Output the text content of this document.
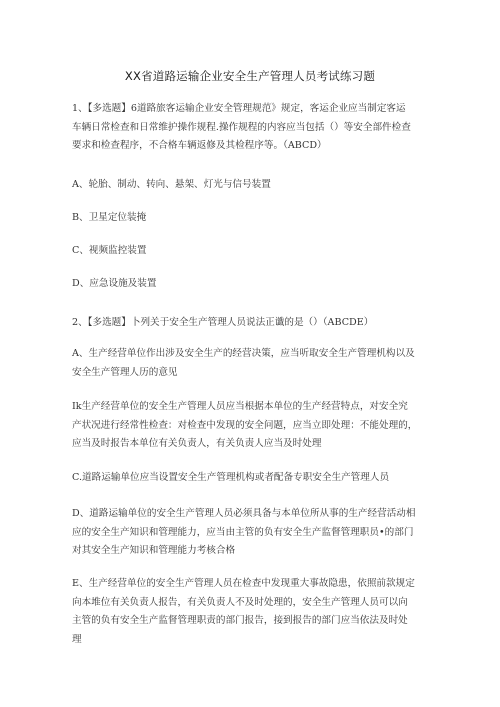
XX省道路运输企业安全生产管理人员考试练习题
1、【多选题】6道路旅客运输企业安全管理规范》规定，客运企业应当制定客运
车辆日常检查和日常维护操作规程.操作规程的内容应当包括（）等安全部件检查
要求和检查程序，不合格车辆返修及其检程序等。（ABCD）
A、轮胎、制动、转向、悬架、灯光与信号装置
B、卫星定位装掩
C、视频监控装置
D、应急设施及装置
2、【多选题】卜列关于安全生产管理人员说法正谶的是（）（ABCDE）
A、生产经营单位作出涉及安全生产的经营决策，应当听取安全生产管理机构以及
安全生产管理人历的意见
Ik生产经营单位的安全生产管理人员应当根据本单位的生产经营特点，对安全究
产状况进行经常性检查：对检查中发现的安全问题，应当立即处理：不能处理的，
应当及时报告本单位有关负责人，有关负责人应当及时处理
C.道路运输单位应当设置安全生产管理机构或者配备专职安全生产管理人员
D、道路运输单位的安全生产管理人员必须具备与本单位所从事的生产经营活动相
应的安全生产知识和管理能力，应当由主管的负有安全生产监督管理职员•的部门
对其安全生产知识和管理能力考核合格
E、生产经营单位的安全生产管理人员在检查中发现重大事故隐患，依照前款规定
向本堆位有关负责人报告，有关负责人不及时处理的，安全生产管理人员可以向
主管的负有安全生产监督管理职责的部门报告，接到报告的部门应当依法及时处
理
